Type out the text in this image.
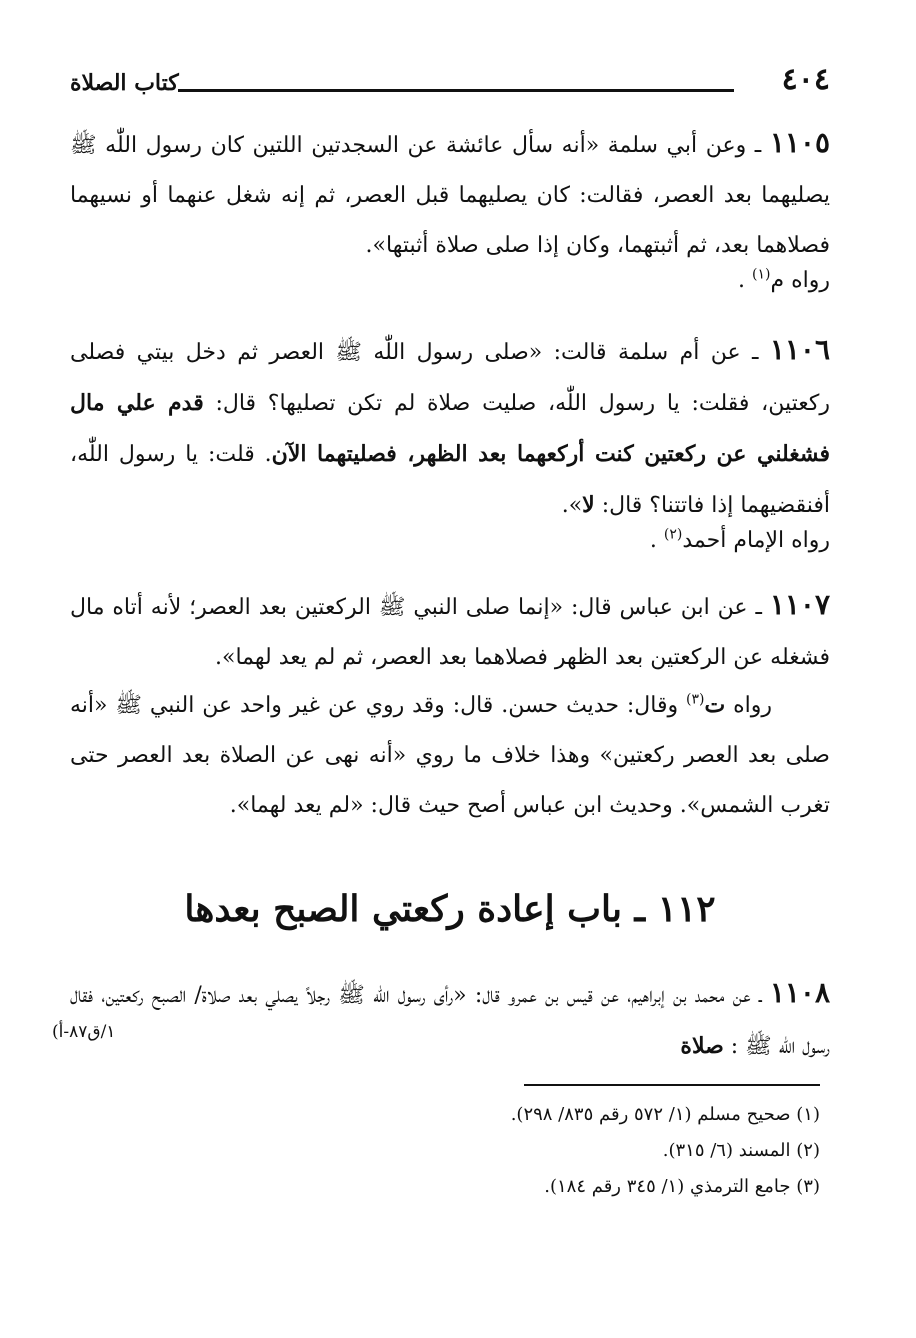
٤٠٤
كتاب الصلاة
١١٠٥ ـ وعن أبي سلمة «أنه سأل عائشة عن السجدتين اللتين كان رسول اللّٰه ﷺ يصليهما بعد العصر، فقالت: كان يصليهما قبل العصر، ثم إنه شغل عنهما أو نسيهما فصلاهما بعد، ثم أثبتهما، وكان إذا صلى صلاة أثبتها».
رواه م$^{(١)}$ .
١١٠٦ ـ عن أم سلمة قالت: «صلى رسول اللّٰه ﷺ العصر ثم دخل بيتي فصلى ركعتين، فقلت: يا رسول اللّٰه، صليت صلاة لم تكن تصليها؟ قال: قدم علي مال فشغلني عن ركعتين كنت أركعهما بعد الظهر، فصليتهما الآن. قلت: يا رسول اللّٰه، أفنقضيهما إذا فاتتنا؟ قال: لا».
رواه الإمام أحمد$^{(٢)}$ .
١١٠٧ ـ عن ابن عباس قال: «إنما صلى النبي ﷺ الركعتين بعد العصر؛ لأنه أتاه مال فشغله عن الركعتين بعد الظهر فصلاهما بعد العصر، ثم لم يعد لهما».
رواه ت$^{(٣)}$ وقال: حديث حسن. قال: وقد روي عن غير واحد عن النبي ﷺ «أنه صلى بعد العصر ركعتين» وهذا خلاف ما روي «أنه نهى عن الصلاة بعد العصر حتى تغرب الشمس». وحديث ابن عباس أصح حيث قال: «لم يعد لهما».
١١٢ ـ باب إعادة ركعتي الصبح بعدها
١١٠٨ ـ عن محمد بن إبراهيم، عن قيس بن عمرو قال: «رأى رسول اللّٰه ﷺ رجلاً يصلي بعد صلاة/ الصبح ركعتين، فقال رسول اللّٰه ﷺ : صلاة
١/ق٨٧-أ)
(١) صحيح مسلم (١/ ٥٧٢ رقم ٨٣٥/ ٢٩٨).
(٢) المسند (٦/ ٣١٥).
(٣) جامع الترمذي (١/ ٣٤٥ رقم ١٨٤).
